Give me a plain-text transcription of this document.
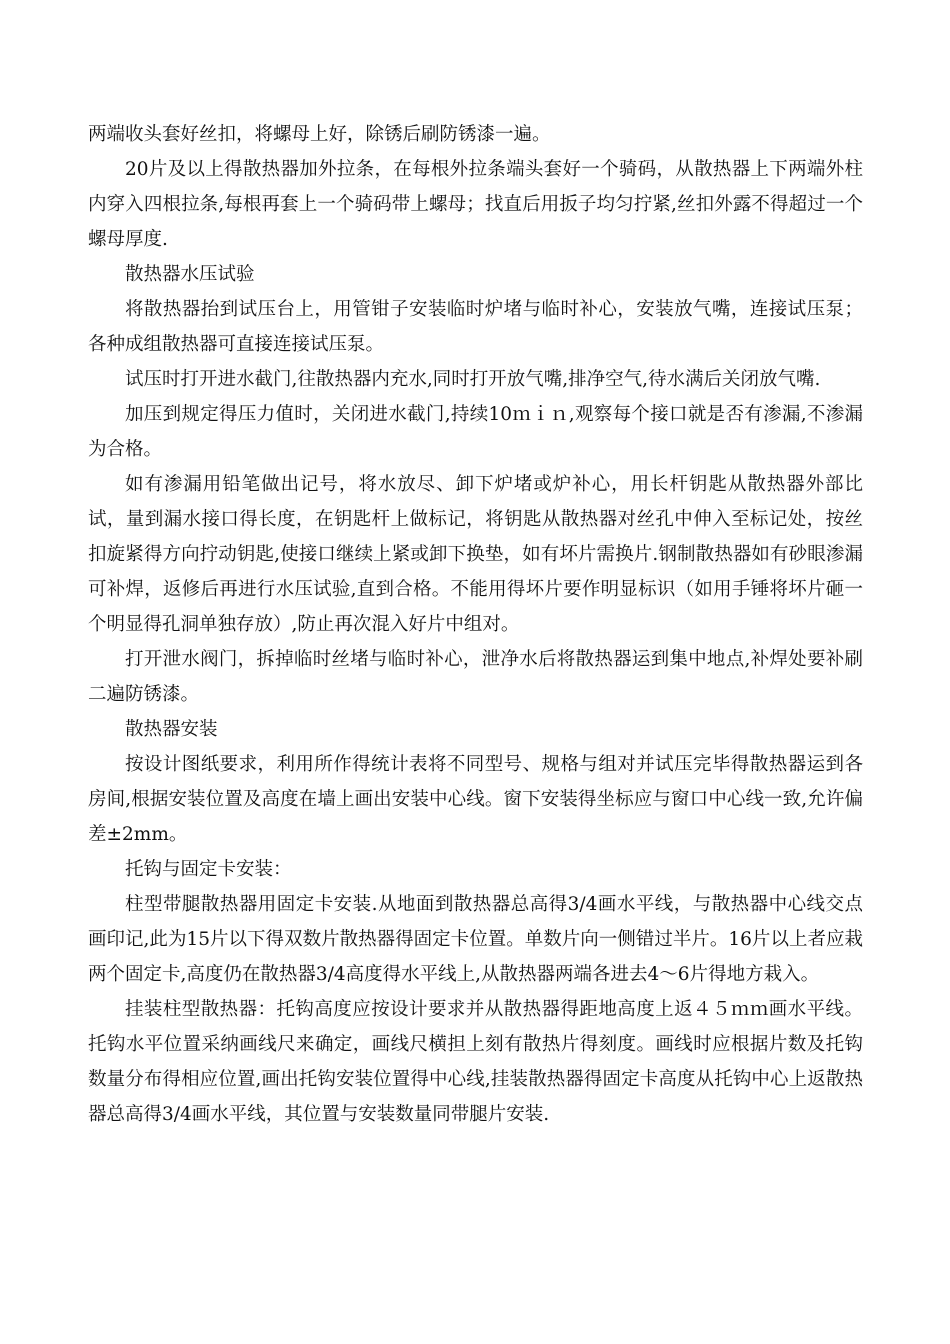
两端收头套好丝扣，将螺母上好，除锈后刷防锈漆一遍。

20片及以上得散热器加外拉条，在每根外拉条端头套好一个骑码，从散热器上下两端外柱内穿入四根拉条,每根再套上一个骑码带上螺母；找直后用扳子均匀拧紧,丝扣外露不得超过一个螺母厚度.

散热器水压试验

将散热器抬到试压台上，用管钳子安装临时炉堵与临时补心，安装放气嘴，连接试压泵；各种成组散热器可直接连接试压泵。

试压时打开进水截门,往散热器内充水,同时打开放气嘴,排净空气,待水满后关闭放气嘴.

加压到规定得压力值时，关闭进水截门,持续10ｍｉｎ,观察每个接口就是否有渗漏,不渗漏为合格。

如有渗漏用铅笔做出记号，将水放尽、卸下炉堵或炉补心，用长杆钥匙从散热器外部比试，量到漏水接口得长度，在钥匙杆上做标记，将钥匙从散热器对丝孔中伸入至标记处，按丝扣旋紧得方向拧动钥匙,使接口继续上紧或卸下换垫，如有坏片需换片.钢制散热器如有砂眼渗漏可补焊，返修后再进行水压试验,直到合格。不能用得坏片要作明显标识（如用手锤将坏片砸一个明显得孔洞单独存放）,防止再次混入好片中组对。

打开泄水阀门，拆掉临时丝堵与临时补心，泄净水后将散热器运到集中地点,补焊处要补刷二遍防锈漆。

散热器安装

按设计图纸要求，利用所作得统计表将不同型号、规格与组对并试压完毕得散热器运到各房间,根据安装位置及高度在墙上画出安装中心线。窗下安装得坐标应与窗口中心线一致,允许偏差±2mm。

托钩与固定卡安装：

柱型带腿散热器用固定卡安装.从地面到散热器总高得3/4画水平线，与散热器中心线交点画印记,此为15片以下得双数片散热器得固定卡位置。单数片向一侧错过半片。16片以上者应栽两个固定卡,高度仍在散热器3/4高度得水平线上,从散热器两端各进去4～6片得地方栽入。

挂装柱型散热器：托钩高度应按设计要求并从散热器得距地高度上返４５ｍｍ画水平线。托钩水平位置采纳画线尺来确定，画线尺横担上刻有散热片得刻度。画线时应根据片数及托钩数量分布得相应位置,画出托钩安装位置得中心线,挂装散热器得固定卡高度从托钩中心上返散热器总高得3/4画水平线，其位置与安装数量同带腿片安装.
